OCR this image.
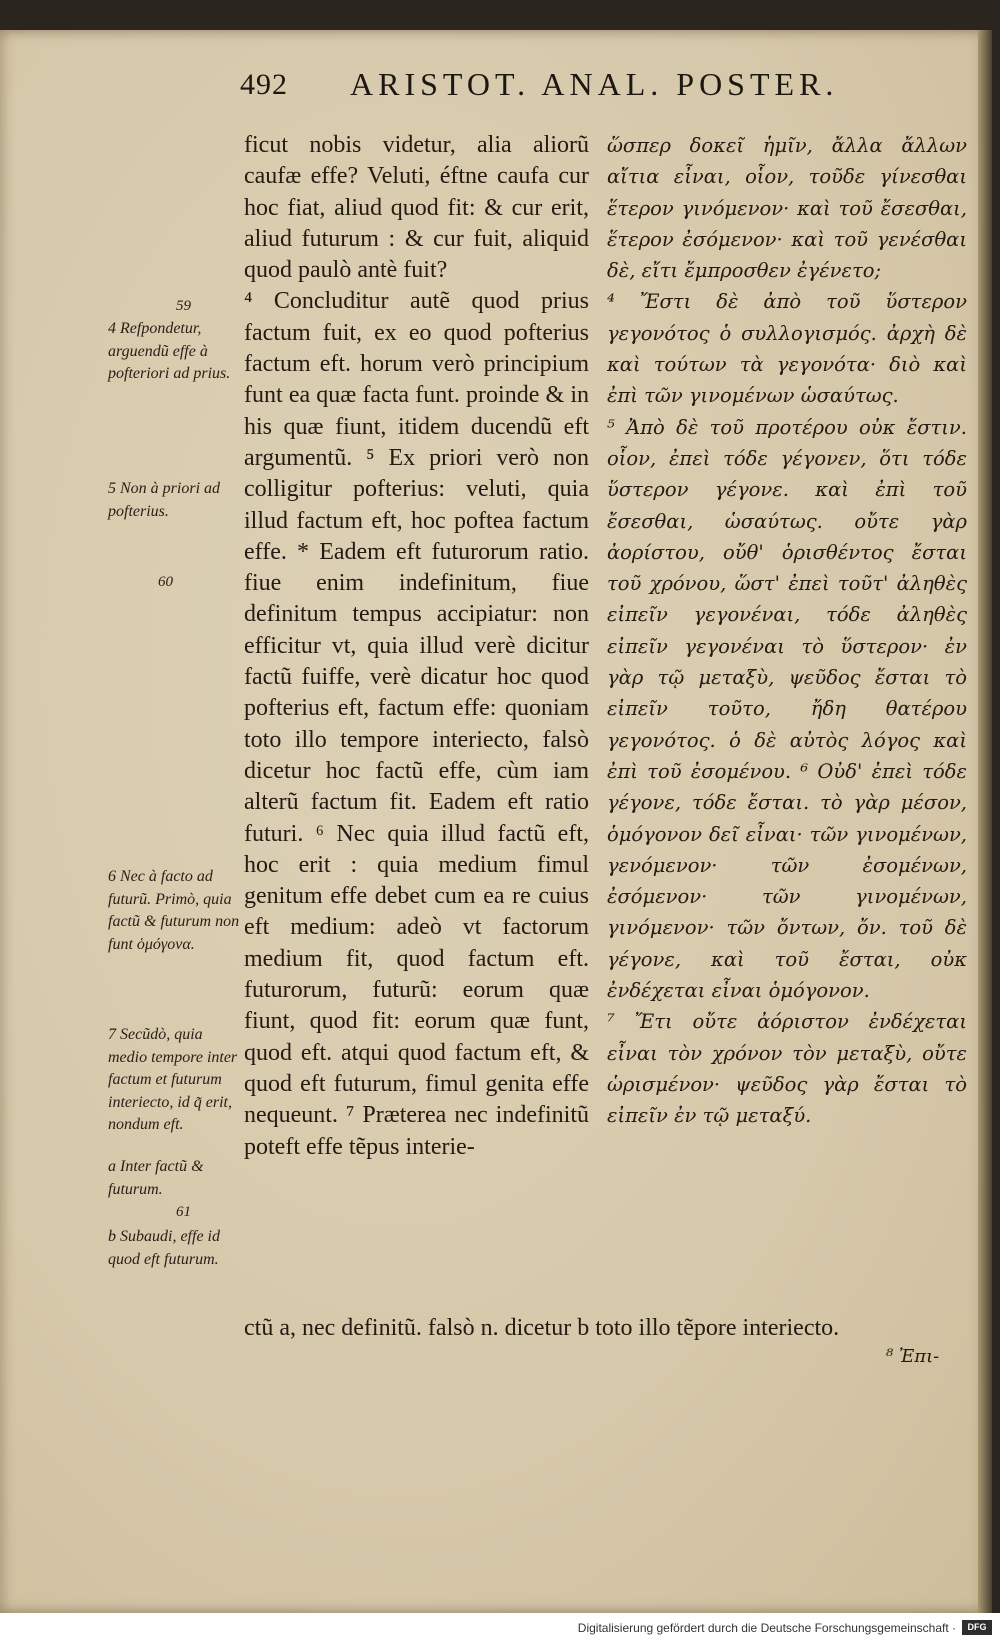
492 ARISTOT. ANAL. POSTER.

ficut nobis videtur, alia aliorũ caufæ effe? Veluti, éftne caufa cur hoc fiat, aliud quod fit: & cur erit, aliud futurum : & cur fuit, aliquid quod paulò antè fuit?

⁴ Concluditur autẽ quod prius factum fuit, ex eo quod pofterius factum eft. horum verò principium funt ea quæ facta funt. proinde & in his quæ fiunt, itidem ducendũ eft argumentũ. ⁵ Ex priori verò non colligitur pofterius: veluti, quia illud factum eft, hoc poftea factum effe. * Eadem eft futurorum ratio. fiue enim indefinitum, fiue definitum tempus accipiatur: non efficitur vt, quia illud verè dicitur factũ fuiffe, verè dicatur hoc quod pofterius eft, factum effe: quoniam toto illo tempore interiecto, falsò dicetur hoc factũ effe, cùm iam alterũ factum fit. Eadem eft ratio futuri. ⁶ Nec quia illud factũ eft, hoc erit : quia medium fimul genitum effe debet cum ea re cuius eft medium: adeò vt factorum medium fit, quod factum eft. futurorum, futurũ: eorum quæ fiunt, quod fit: eorum quæ funt, quod eft. atqui quod factum eft, & quod eft futurum, fimul genita effe nequeunt. ⁷ Præterea nec indefinitũ poteft effe tẽpus interie-

ὥσπερ δοκεῖ ἡμῖν, ἄλλα ἄλλων αἴτια εἶναι, οἷον, τοῦδε γίνεσθαι ἕτερον γινόμενον· καὶ τοῦ ἔσεσθαι, ἕτερον ἐσόμενον· καὶ τοῦ γενέσθαι δὲ, εἴτι ἔμπροσθεν ἐγένετο;

⁴ Ἔστι δὲ ἀπὸ τοῦ ὕστερον γεγονότος ὁ συλλογισμός. ἀρχὴ δὲ καὶ τούτων τὰ γεγονότα· διὸ καὶ ἐπὶ τῶν γινομένων ὡσαύτως.

⁵ Ἀπὸ δὲ τοῦ προτέρου οὐκ ἔστιν. οἷον, ἐπεὶ τόδε γέγονεν, ὅτι τόδε ὕστερον γέγονε. καὶ ἐπὶ τοῦ ἔσεσθαι, ὡσαύτως. οὔτε γὰρ ἀορίστου, οὔθ' ὁρισθέντος ἔσται τοῦ χρόνου, ὥστ' ἐπεὶ τοῦτ' ἀληθὲς εἰπεῖν γεγονέναι, τόδε ἀληθὲς εἰπεῖν γεγονέναι τὸ ὕστερον· ἐν γὰρ τῷ μεταξὺ, ψεῦδος ἔσται τὸ εἰπεῖν τοῦτο, ἤδη θατέρου γεγονότος. ὁ δὲ αὐτὸς λόγος καὶ ἐπὶ τοῦ ἐσομένου. ⁶ Οὐδ' ἐπεὶ τόδε γέγονε, τόδε ἔσται. τὸ γὰρ μέσον, ὁμόγονον δεῖ εἶναι· τῶν γινομένων, γενόμενον· τῶν ἐσομένων, ἐσόμενον· τῶν γινομένων, γινόμενον· τῶν ὄντων, ὄν. τοῦ δὲ γέγονε, καὶ τοῦ ἔσται, οὐκ ἐνδέχεται εἶναι ὁμόγονον.

⁷ Ἔτι οὔτε ἀόριστον ἐνδέχεται εἶναι τὸν χρόνον τὸν μεταξὺ, οὔτε ὡρισμένον· ψεῦδος γὰρ ἔσται τὸ εἰπεῖν ἐν τῷ μεταξύ.

ctũ a, nec definitũ. falsò n. dicetur b toto illo tẽpore interiecto.
⁸ Ἐπι-
59
4 Refpondetur, arguendũ effe à pofteriori ad prius.
5 Non à priori ad pofterius.
60
6 Nec à facto ad futurũ. Primò, quia factũ & futurum non funt ὁμόγονα.
7 Secũdò, quia medio tempore inter factum et futurum interiecto, id q̃ erit, nondum eft.
a Inter factũ & futurum.
61
b Subaudi, effe id quod eft futurum.
Digitalisierung gefördert durch die Deutsche Forschungsgemeinschaft ·	DFG
